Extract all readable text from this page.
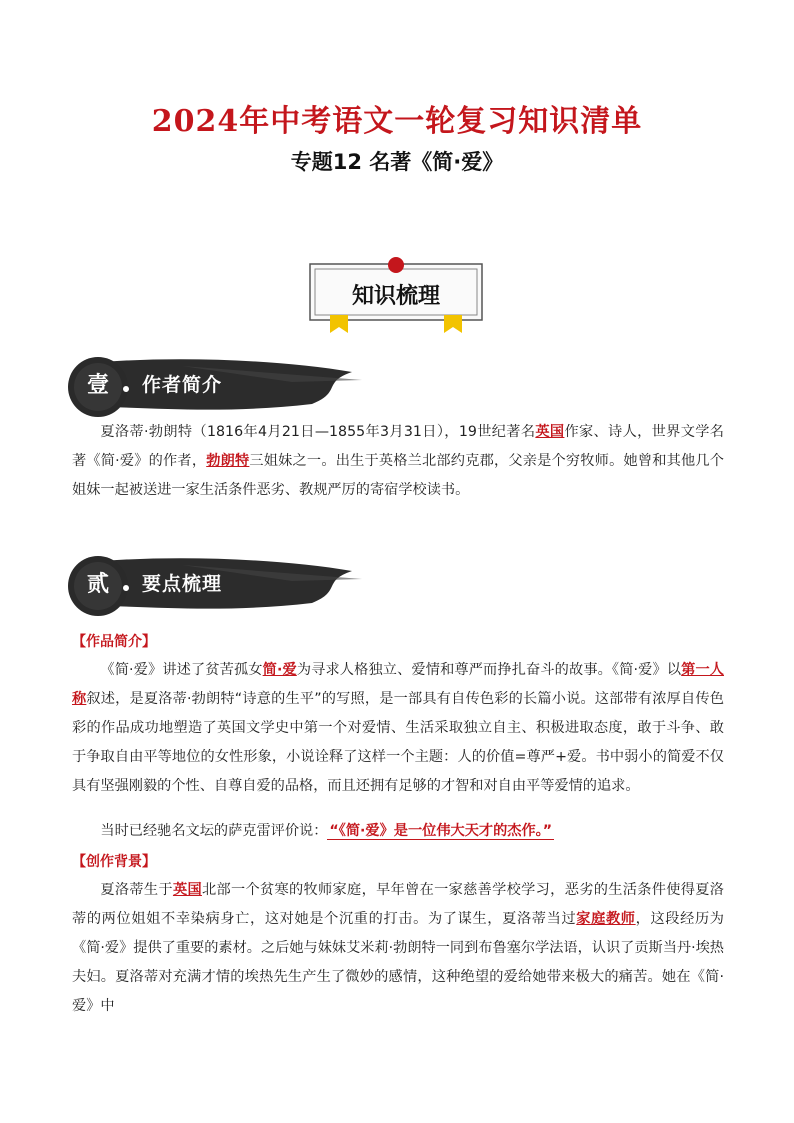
2024年中考语文一轮复习知识清单
专题12 名著《简·爱》
知识梳理
壹	作者简介

夏洛蒂·勃朗特（1816年4月21日—1855年3月31日），19世纪著名英国作家、诗人，世界文学名著《简·爱》的作者，勃朗特三姐妹之一。出生于英格兰北部约克郡，父亲是个穷牧师。她曾和其他几个姐妹一起被送进一家生活条件恶劣、教规严厉的寄宿学校读书。

贰	要点梳理
【作品简介】

《简·爱》讲述了贫苦孤女简·爱为寻求人格独立、爱情和尊严而挣扎奋斗的故事。《简·爱》以第一人称叙述，是夏洛蒂·勃朗特“诗意的生平”的写照，是一部具有自传色彩的长篇小说。这部带有浓厚自传色彩的作品成功地塑造了英国文学史中第一个对爱情、生活采取独立自主、积极进取态度，敢于斗争、敢于争取自由平等地位的女性形象，小说诠释了这样一个主题：人的价值=尊严+爱。书中弱小的简爱不仅具有坚强刚毅的个性、自尊自爱的品格，而且还拥有足够的才智和对自由平等爱情的追求。

当时已经驰名文坛的萨克雷评价说： “《简·爱》是一位伟大天才的杰作。”

【创作背景】

夏洛蒂生于英国北部一个贫寒的牧师家庭，早年曾在一家慈善学校学习，恶劣的生活条件使得夏洛蒂的两位姐姐不幸染病身亡，这对她是个沉重的打击。为了谋生，夏洛蒂当过家庭教师，这段经历为《简·爱》提供了重要的素材。之后她与妹妹艾米莉·勃朗特一同到布鲁塞尔学法语，认识了贡斯当丹·埃热夫妇。夏洛蒂对充满才情的埃热先生产生了微妙的感情，这种绝望的爱给她带来极大的痛苦。她在《简·爱》中
